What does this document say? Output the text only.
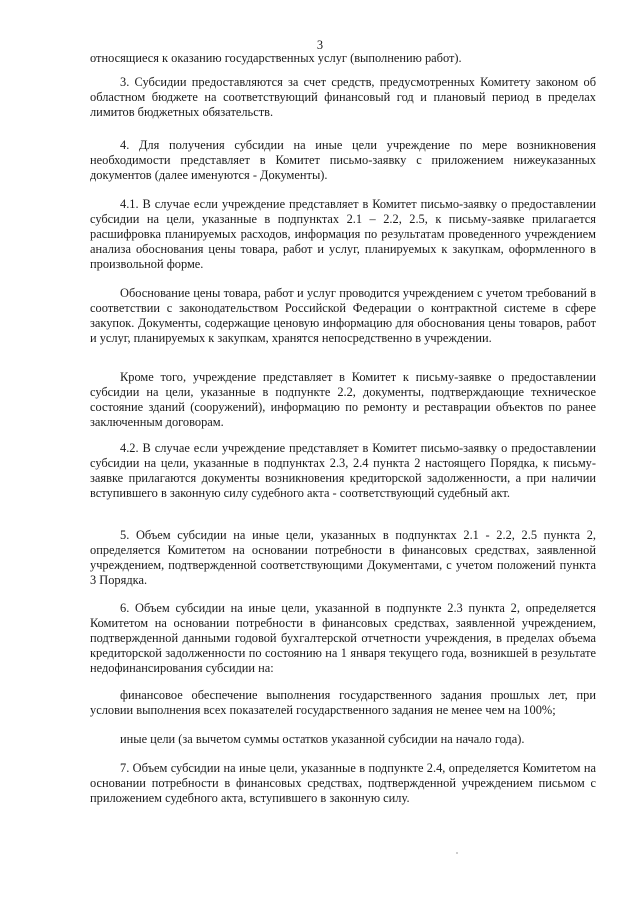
3

относящиеся к оказанию государственных услуг (выполнению работ).

3. Субсидии предоставляются за счет средств, предусмотренных Комитету законом об областном бюджете на соответствующий финансовый год и плановый период в пределах лимитов бюджетных обязательств.

4. Для получения субсидии на иные цели учреждение по мере возникновения необходимости представляет в Комитет письмо-заявку с приложением нижеуказанных документов (далее именуются - Документы).

4.1. В случае если учреждение представляет в Комитет письмо-заявку о предоставлении субсидии на цели, указанные в подпунктах 2.1 – 2.2, 2.5, к письму-заявке прилагается расшифровка планируемых расходов, информация по результатам проведенного учреждением анализа обоснования цены товара, работ и услуг, планируемых к закупкам, оформленного в произвольной форме.

Обоснование цены товара, работ и услуг проводится учреждением с учетом требований в соответствии с законодательством Российской Федерации о контрактной системе в сфере закупок. Документы, содержащие ценовую информацию для обоснования цены товаров, работ и услуг, планируемых к закупкам, хранятся непосредственно в учреждении.

Кроме того, учреждение представляет в Комитет к письму-заявке о предоставлении субсидии на цели, указанные в подпункте 2.2, документы, подтверждающие техническое состояние зданий (сооружений), информацию по ремонту и реставрации объектов по ранее заключенным договорам.

4.2. В случае если учреждение представляет в Комитет письмо-заявку о предоставлении субсидии на цели, указанные в подпунктах 2.3, 2.4 пункта 2 настоящего Порядка, к письму-заявке прилагаются документы возникновения кредиторской задолженности, а при наличии вступившего в законную силу судебного акта - соответствующий судебный акт.

5. Объем субсидии на иные цели, указанных в подпунктах 2.1 - 2.2, 2.5 пункта 2, определяется Комитетом на основании потребности в финансовых средствах, заявленной учреждением, подтвержденной соответствующими Документами, с учетом положений пункта 3 Порядка.

6. Объем субсидии на иные цели, указанной в подпункте 2.3 пункта 2, определяется Комитетом на основании потребности в финансовых средствах, заявленной учреждением, подтвержденной данными годовой бухгалтерской отчетности учреждения, в пределах объема кредиторской задолженности по состоянию на 1 января текущего года, возникшей в результате недофинансирования субсидии на:

финансовое обеспечение выполнения государственного задания прошлых лет, при условии выполнения всех показателей государственного задания не менее чем на 100%;

иные цели (за вычетом суммы остатков указанной субсидии на начало года).

7. Объем субсидии на иные цели, указанные в подпункте 2.4, определяется Комитетом на основании потребности в финансовых средствах, подтвержденной учреждением письмом с приложением судебного акта, вступившего в законную силу.
